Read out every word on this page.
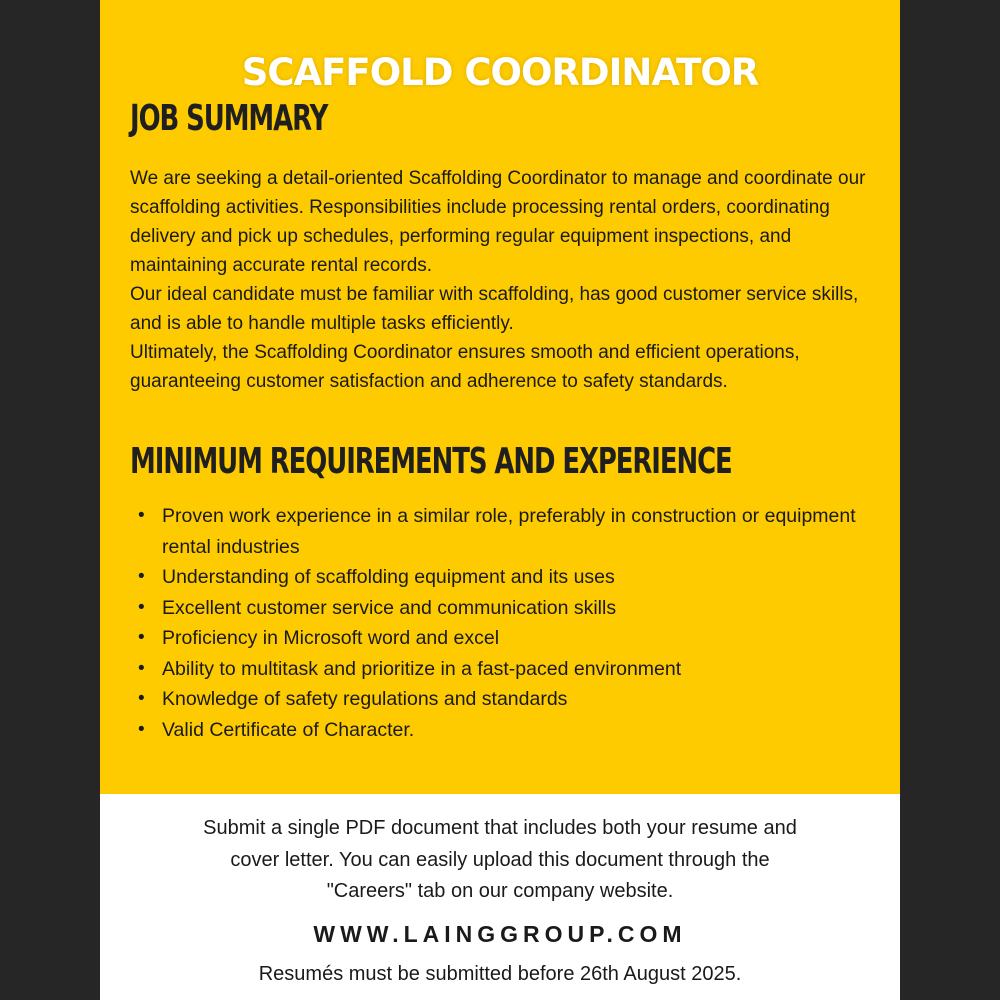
SCAFFOLD COORDINATOR
JOB SUMMARY

We are seeking a detail-oriented Scaffolding Coordinator to manage and coordinate our scaffolding activities. Responsibilities include processing rental orders, coordinating delivery and pick up schedules, performing regular equipment inspections, and maintaining accurate rental records.

Our ideal candidate must be familiar with scaffolding, has good customer service skills, and is able to handle multiple tasks efficiently.

Ultimately, the Scaffolding Coordinator ensures smooth and efficient operations, guaranteeing customer satisfaction and adherence to safety standards.

MINIMUM REQUIREMENTS AND EXPERIENCE
• Proven work experience in a similar role, preferably in construction or equipment rental industries
• Understanding of scaffolding equipment and its uses
• Excellent customer service and communication skills
• Proficiency in Microsoft word and excel
• Ability to multitask and prioritize in a fast-paced environment
• Knowledge of safety regulations and standards
• Valid Certificate of Character.

Submit a single PDF document that includes both your resume and
cover letter. You can easily upload this document through the
"Careers" tab on our company website.

WWW.LAINGGROUP.COM

Resumés must be submitted before 26th August 2025.
